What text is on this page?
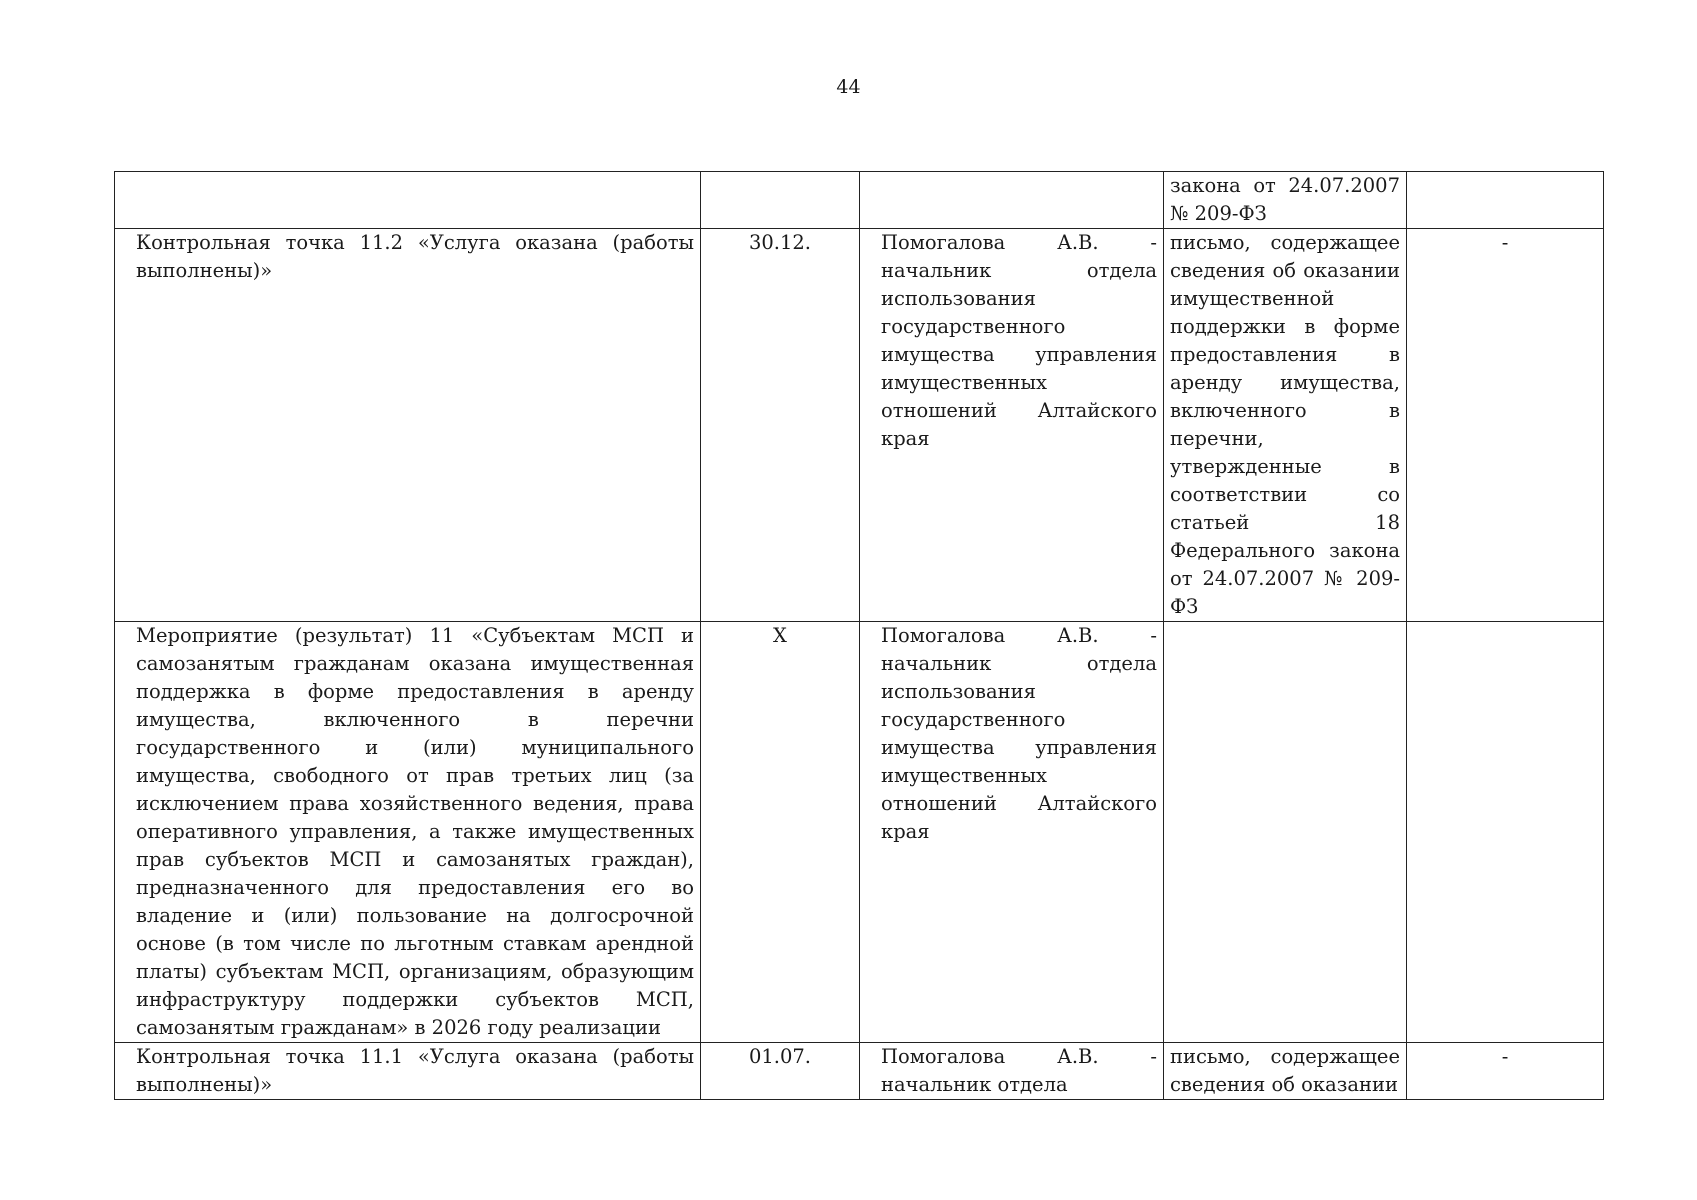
44

			закона от 24.07.2007 № 209-ФЗ	

Контрольная точка 11.2 «Услуга оказана (работы выполнены)»	30.12.	Помогалова А.В. - начальник отдела использования государственного имущества управления имущественных отношений Алтайского края	письмо, содержащее сведения об оказании имущественной поддержки в форме предоставления в аренду имущества, включенного в перечни, утвержденные в соответствии со статьей 18 Федерального закона от 24.07.2007 № 209-ФЗ	-

Мероприятие (результат) 11 «Субъектам МСП и самозанятым гражданам оказана имущественная поддержка в форме предоставления в аренду имущества, включенного в перечни государственного и (или) муниципального имущества, свободного от прав третьих лиц (за исключением права хозяйственного ведения, права оперативного управления, а также имущественных прав субъектов МСП и самозанятых граждан), предназначенного для предоставления его во владение и (или) пользование на долгосрочной основе (в том числе по льготным ставкам арендной платы) субъектам МСП, организациям, образующим инфраструктуру поддержки субъектов МСП, самозанятым гражданам» в 2026 году реализации	X	Помогалова А.В. - начальник отдела использования государственного имущества управления имущественных отношений Алтайского края		

Контрольная точка 11.1 «Услуга оказана (работы выполнены)»	01.07.	Помогалова А.В. - начальник отдела	письмо, содержащее сведения об оказании	-
